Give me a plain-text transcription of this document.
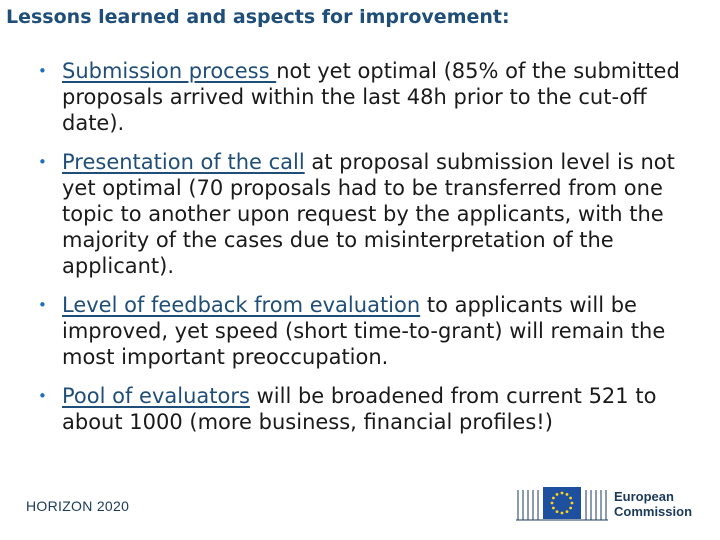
Lessons learned and aspects for improvement:
• Submission process not yet optimal (85% of the submitted proposals arrived within the last 48h prior to the cut-off date).
• Presentation of the call at proposal submission level is not yet optimal (70 proposals had to be transferred from one topic to another upon request by the applicants, with the majority of the cases due to misinterpretation of the applicant).
• Level of feedback from evaluation to applicants will be improved, yet speed (short time-to-grant) will remain the most important preoccupation.
• Pool of evaluators will be broadened from current 521 to about 1000 (more business, financial profiles!)
HORIZON 2020
European
Commission
